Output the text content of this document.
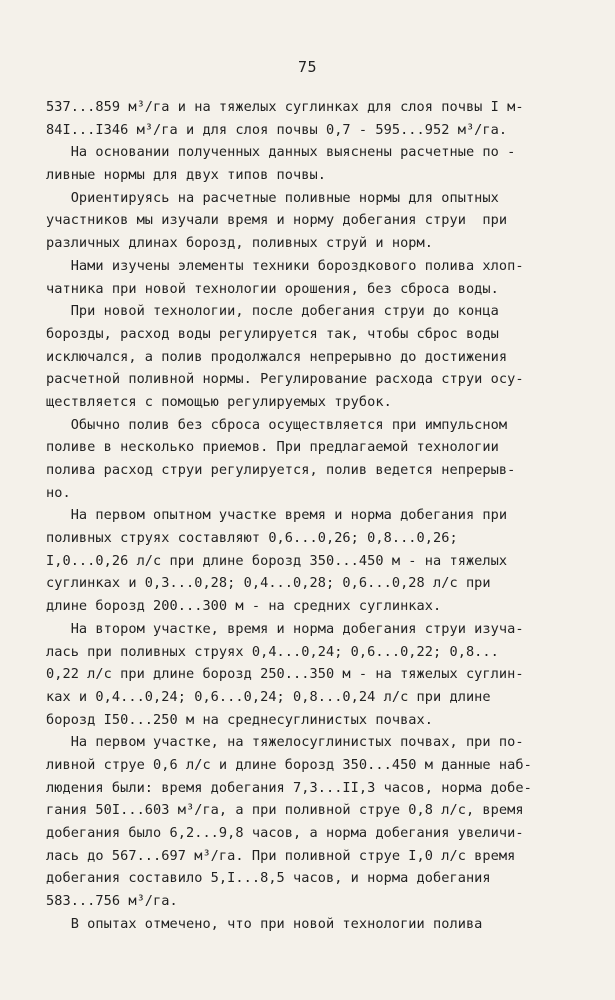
75
537...859 м³/га и на тяжелых суглинках для слоя почвы I м-
84I...I346 м³/га и для слоя почвы 0,7 - 595...952 м³/га.
На основании полученных данных выяснены расчетные по -
ливные нормы для двух типов почвы.
Ориентируясь на расчетные поливные нормы для опытных
участников мы изучали время и норму добегания струи  при
различных длинах борозд, поливных струй и норм.
Нами изучены элементы техники бороздкового полива хлоп-
чатника при новой технологии орошения, без сброса воды.
При новой технологии, после добегания струи до конца
борозды, расход воды регулируется так, чтобы сброс воды
исключался, а полив продолжался непрерывно до достижения
расчетной поливной нормы. Регулирование расхода струи осу-
ществляется с помощью регулируемых трубок.
Обычно полив без сброса осуществляется при импульсном
поливе в несколько приемов. При предлагаемой технологии
полива расход струи регулируется, полив ведется непрерыв-
но.
На первом опытном участке время и норма добегания при
поливных струях составляют 0,6...0,26; 0,8...0,26;
I,0...0,26 л/с при длине борозд 350...450 м - на тяжелых
суглинках и 0,3...0,28; 0,4...0,28; 0,6...0,28 л/с при
длине борозд 200...300 м - на средних суглинках.
На втором участке, время и норма добегания струи изуча-
лась при поливных струях 0,4...0,24; 0,6...0,22; 0,8...
0,22 л/с при длине борозд 250...350 м - на тяжелых суглин-
ках и 0,4...0,24; 0,6...0,24; 0,8...0,24 л/с при длине
борозд I50...250 м на среднесуглинистых почвах.
На первом участке, на тяжелосуглинистых почвах, при по-
ливной струе 0,6 л/с и длине борозд 350...450 м данные наб-
людения были: время добегания 7,3...II,3 часов, норма добе-
гания 50I...603 м³/га, а при поливной струе 0,8 л/с, время
добегания было 6,2...9,8 часов, а норма добегания увеличи-
лась до 567...697 м³/га. При поливной струе I,0 л/с время
добегания составило 5,I...8,5 часов, и норма добегания
583...756 м³/га.
В опытах отмечено, что при новой технологии полива
